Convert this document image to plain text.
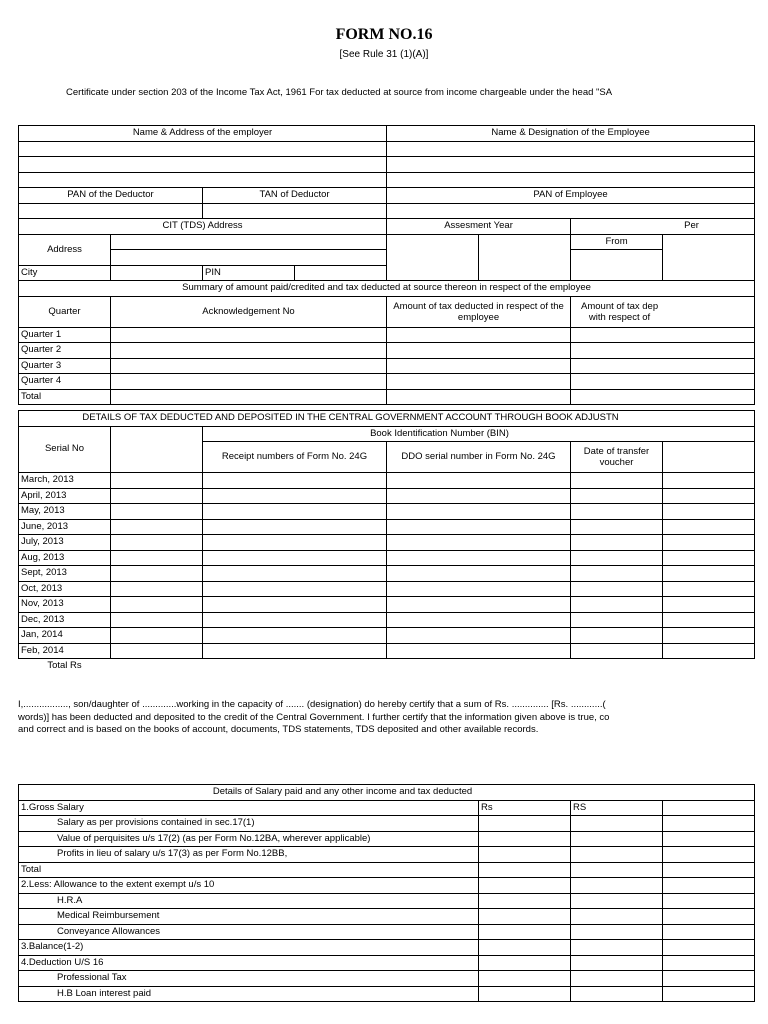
FORM NO.16
[See Rule 31 (1)(A)]
Certificate under section 203 of the Income Tax Act, 1961 For tax deducted at source from income chargeable under the head "SA
Name & Address of the employer				Name & Designation of the Employee			

PAN of the Deductor		TAN of Deductor		PAN of Employee			

CIT (TDS) Address				Assesment Year		Per	
Address						From	

City		PIN					
Summary of amount paid/credited and tax deducted at source thereon in respect of the employee							
Quarter	Acknowledgement No			Amount of tax deducted in respect of the employee		Amount of tax dep with respect of	
Quarter 1							
Quarter 2							
Quarter 3							
Quarter 4							
Total							
DETAILS OF TAX DEDUCTED AND DEPOSITED IN THE CENTRAL GOVERNMENT ACCOUNT THROUGH BOOK ADJUSTN					
Serial No		Book Identification Number (BIN)			
		Receipt numbers of Form No. 24G	DDO serial number in Form No. 24G	Date of transfer voucher	
March, 2013					
April, 2013					
May, 2013					
June, 2013					
July, 2013					
Aug, 2013					
Sept, 2013					
Oct, 2013					
Nov, 2013					
Dec, 2013					
Jan, 2014					
Feb, 2014					
Total Rs					
I,................., son/daughter of .............working in the capacity of ....... (designation) do hereby certify that a sum of Rs. .............. [Rs. ............(
words)] has been deducted and deposited to the credit of the Central Government. I further certify that the information given above is true, co
and correct and is based on the books of account, documents, TDS statements, TDS deposited and other available records.
Details of Salary paid and any other income and tax deducted			
1.Gross Salary	Rs	RS	
Salary as per provisions contained in sec.17(1)			
Value of perquisites u/s 17(2) (as per Form No.12BA, wherever applicable)			
Profits in lieu of salary u/s 17(3) as per Form No.12BB,			
Total			
2.Less: Allowance to the extent exempt u/s 10			
H.R.A			
Medical Reimbursement			
Conveyance Allowances			
3.Balance(1-2)			
4.Deduction U/S 16			
Professional Tax			
H.B Loan interest paid			
